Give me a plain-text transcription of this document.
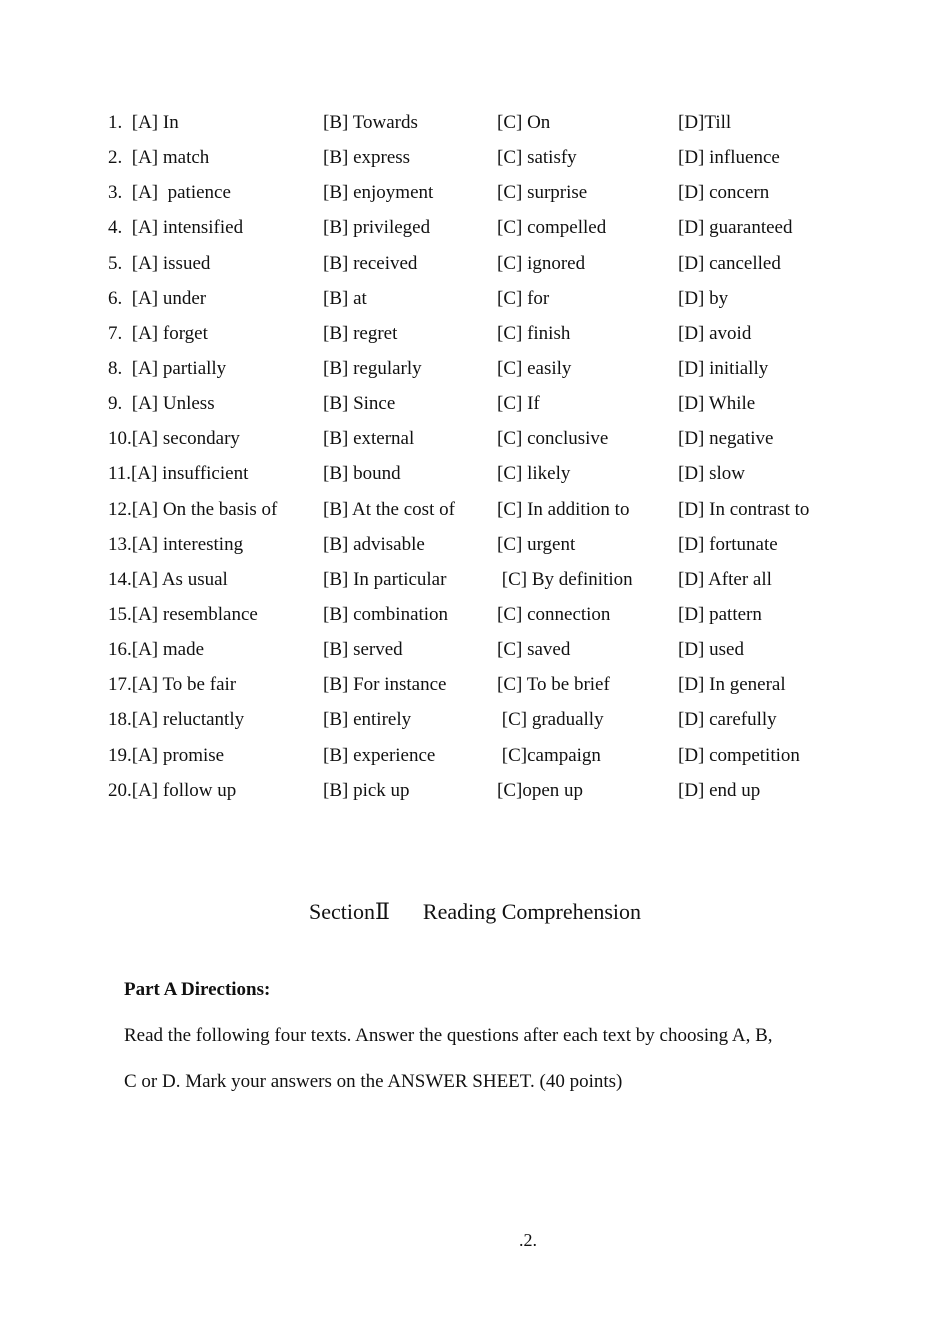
1.  [A] In	[B] Towards	[C] On	[D]Till
2.  [A] match	[B] express	[C] satisfy	[D] influence
3.  [A]  patience	[B] enjoyment	[C] surprise	[D] concern
4.  [A] intensified	[B] privileged	[C] compelled	[D] guaranteed
5.  [A] issued	[B] received	[C] ignored	[D] cancelled
6.  [A] under	[B] at	[C] for	[D] by
7.  [A] forget	[B] regret	[C] finish	[D] avoid
8.  [A] partially	[B] regularly	[C] easily	[D] initially
9.  [A] Unless	[B] Since	[C] If	[D] While
10.[A] secondary	[B] external	[C] conclusive	[D] negative
11.[A] insufficient	[B] bound	[C] likely	[D] slow
12.[A] On the basis of [B] At the cost of [C] In addition to	[D] In contrast to
13.[A] interesting	[B] advisable	[C] urgent	[D] fortunate
14.[A] As usual	[B] In particular	[C] By definition [D] After all
15.[A] resemblance	[B] combination	[C] connection	[D] pattern
16.[A] made	[B] served	[C] saved	[D] used
17.[A] To be fair	[B] For instance	[C] To be brief	[D] In general
18.[A] reluctantly	[B] entirely	[C] gradually	[D] carefully
19.[A] promise	[B] experience	[C]campaign	[D] competition
20.[A] follow up	[B] pick up	[C]open up	[D] end up
SectionⅡ      Reading Comprehension
Part A Directions:
Read the following four texts. Answer the questions after each text by choosing A, B,
C or D. Mark your answers on the ANSWER SHEET. (40 points)
.2.
